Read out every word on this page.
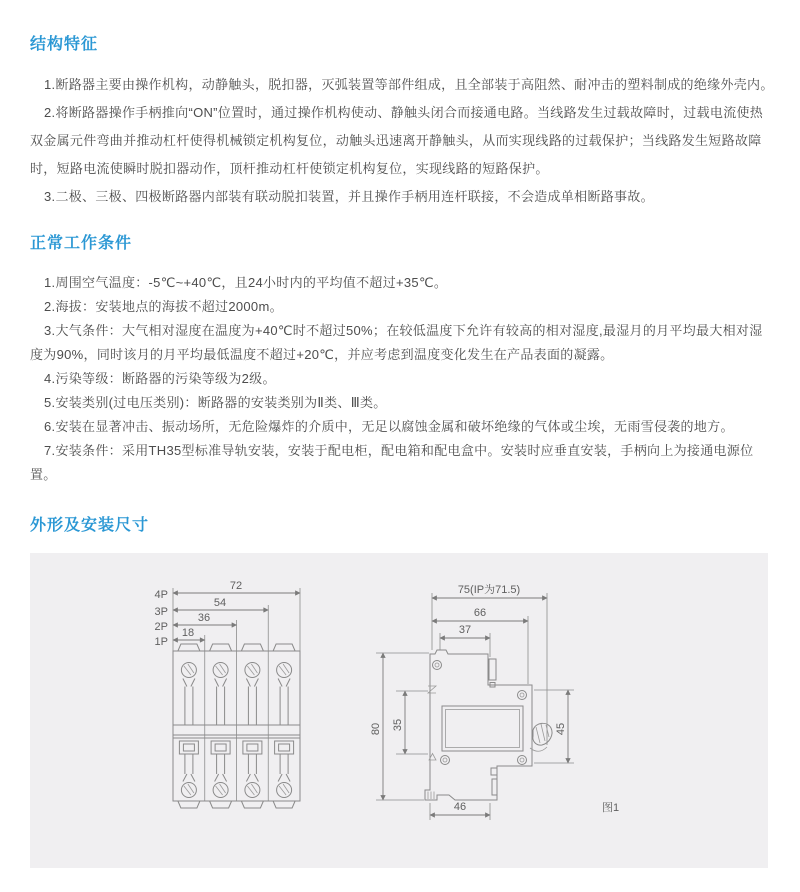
结构特征

1.断路器主要由操作机构，动静触头，脱扣器，灭弧装置等部件组成，且全部装于高阻然、耐冲击的塑料制成的绝缘外壳内。

2.将断路器操作手柄推向“ON”位置时，通过操作机构使动、静触头闭合而接通电路。当线路发生过载故障时，过载电流使热双金属元件弯曲并推动杠杆使得机械锁定机构复位，动触头迅速离开静触头，从而实现线路的过载保护；当线路发生短路故障时，短路电流使瞬时脱扣器动作，顶杆推动杠杆使锁定机构复位，实现线路的短路保护。

3.二极、三极、四极断路器内部装有联动脱扣装置，并且操作手柄用连杆联接，不会造成单相断路事故。

正常工作条件

1.周围空气温度：-5℃~+40℃，且24小时内的平均值不超过+35℃。

2.海拔：安装地点的海拔不超过2000m。

3.大气条件：大气相对湿度在温度为+40℃时不超过50%；在较低温度下允许有较高的相对湿度,最湿月的月平均最大相对湿度为90%，同时该月的月平均最低温度不超过+20℃，并应考虑到温度变化发生在产品表面的凝露。

4.污染等级：断路器的污染等级为2级。

5.安装类别(过电压类别)：断路器的安装类别为Ⅱ类、Ⅲ类。

6.安装在显著冲击、振动场所，无危险爆炸的介质中，无足以腐蚀金属和破坏绝缘的气体或尘埃，无雨雪侵袭的地方。

7.安装条件：采用TH35型标准导轨安装，安装于配电柜，配电箱和配电盒中。安装时应垂直安装，手柄向上为接通电源位置。

外形及安装尺寸
4P
3P
2P
1P
72
54
36
18
75(IP为71.5)
66
37
80 35	45
46	图1
